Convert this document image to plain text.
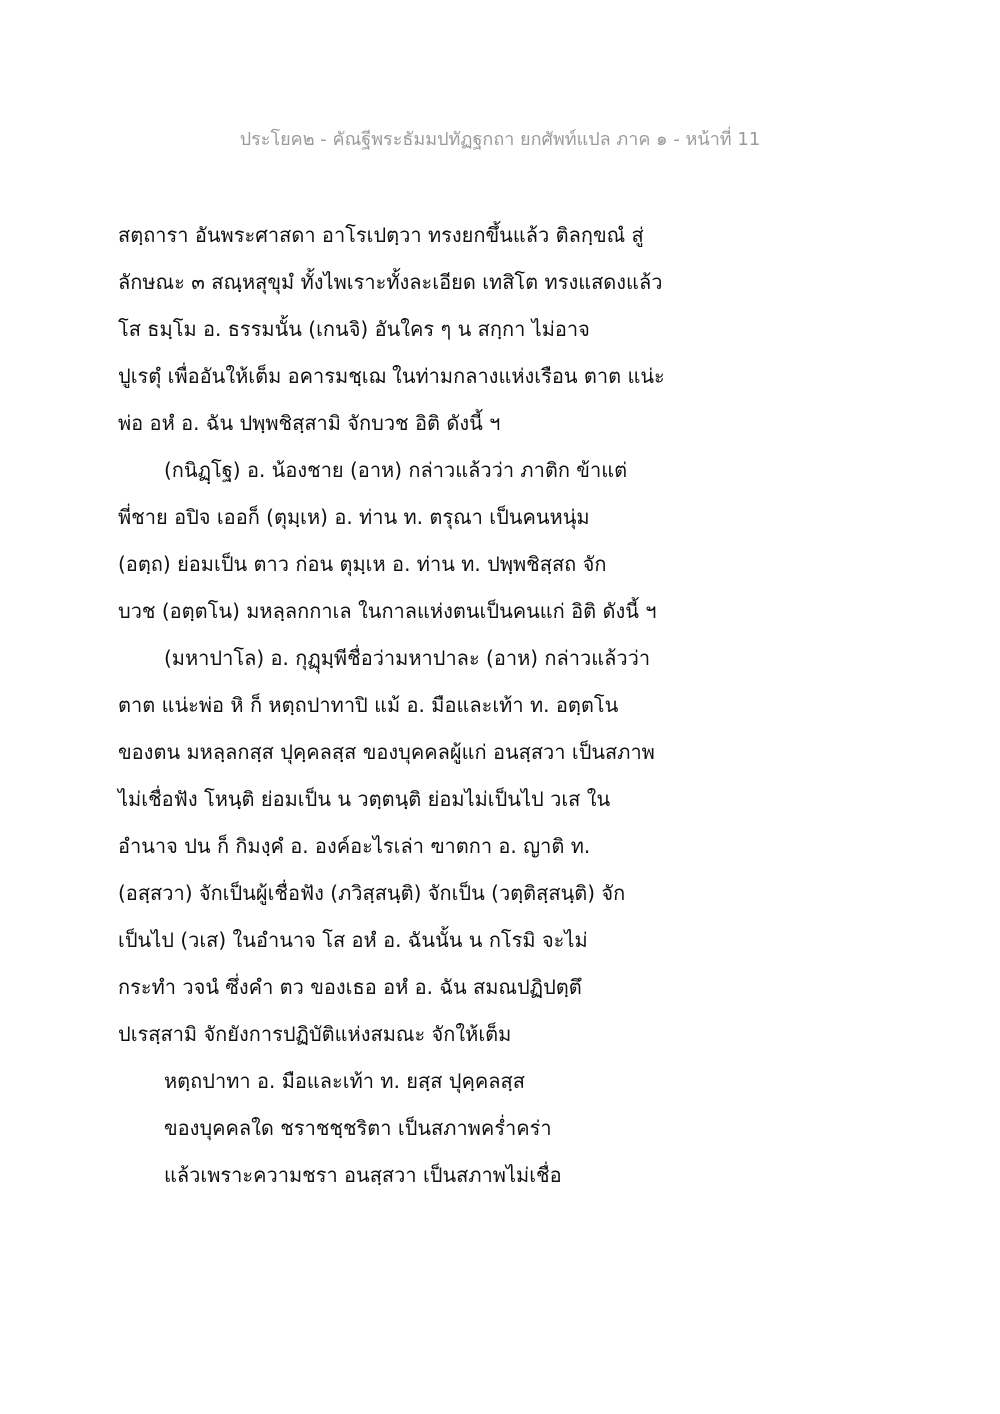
ประโยค๒ - คัณฐีพระธัมมปทัฏฐกถา ยกศัพท์แปล ภาค ๑ - หน้าที่ 11
สตฺถารา อันพระศาสดา อาโรเปตฺวา ทรงยกขึ้นแล้ว ติลกฺขณํ สู่
ลักษณะ ๓ สณฺหสุขุมํ ทั้งไพเราะทั้งละเอียด เทสิโต ทรงแสดงแล้ว
โส ธมฺโม อ. ธรรมนั้น (เกนจิ) อันใคร ๆ น สกฺกา ไม่อาจ
ปูเรตุํ เพื่ออันให้เต็ม อคารมชฺเฌ ในท่ามกลางแห่งเรือน ตาต แน่ะ
พ่อ อหํ อ. ฉัน ปพฺพชิสฺสามิ จักบวช อิติ ดังนี้ ฯ
(กนิฏฺโฐ) อ. น้องชาย (อาห) กล่าวแล้วว่า ภาติก ข้าแต่
พี่ชาย อปิจ เออก็ (ตุมฺเห) อ. ท่าน ท. ตรุณา เป็นคนหนุ่ม
(อตฺถ) ย่อมเป็น ตาว ก่อน ตุมฺเห อ. ท่าน ท. ปพฺพชิสฺสถ จัก
บวช (อตฺตโน) มหลฺลกกาเล ในกาลแห่งตนเป็นคนแก่ อิติ ดังนี้ ฯ
(มหาปาโล) อ. กุฏุมฺพีชื่อว่ามหาปาละ (อาห) กล่าวแล้วว่า
ตาต แน่ะพ่อ หิ ก็ หตฺถปาทาปิ แม้ อ. มือและเท้า ท. อตฺตโน
ของตน มหลฺลกสฺส ปุคฺคลสฺส ของบุคคลผู้แก่ อนสฺสวา เป็นสภาพ
ไม่เชื่อฟัง โหนฺติ ย่อมเป็น น วตฺตนฺติ ย่อมไม่เป็นไป วเส ใน
อำนาจ ปน ก็ กิมงฺคํ อ. องค์อะไรเล่า ฃาตกา อ. ญาติ ท.
(อสฺสวา) จักเป็นผู้เชื่อฟัง (ภวิสฺสนฺติ) จักเป็น (วตฺติสฺสนฺติ) จัก
เป็นไป (วเส) ในอำนาจ โส อหํ อ. ฉันนั้น น กโรมิ จะไม่
กระทำ วจนํ ซึ่งคำ ตว ของเธอ อหํ อ. ฉัน สมณปฏิปตฺตึ
ปเรสฺสามิ จักยังการปฏิบัติแห่งสมณะ จักให้เต็ม
หตฺถปาทา อ. มือและเท้า ท. ยสฺส ปุคฺคลสฺส
ของบุคคลใด ชราชชฺชริตา เป็นสภาพคร่ำคร่า
แล้วเพราะความชรา อนสฺสวา เป็นสภาพไม่เชื่อ
